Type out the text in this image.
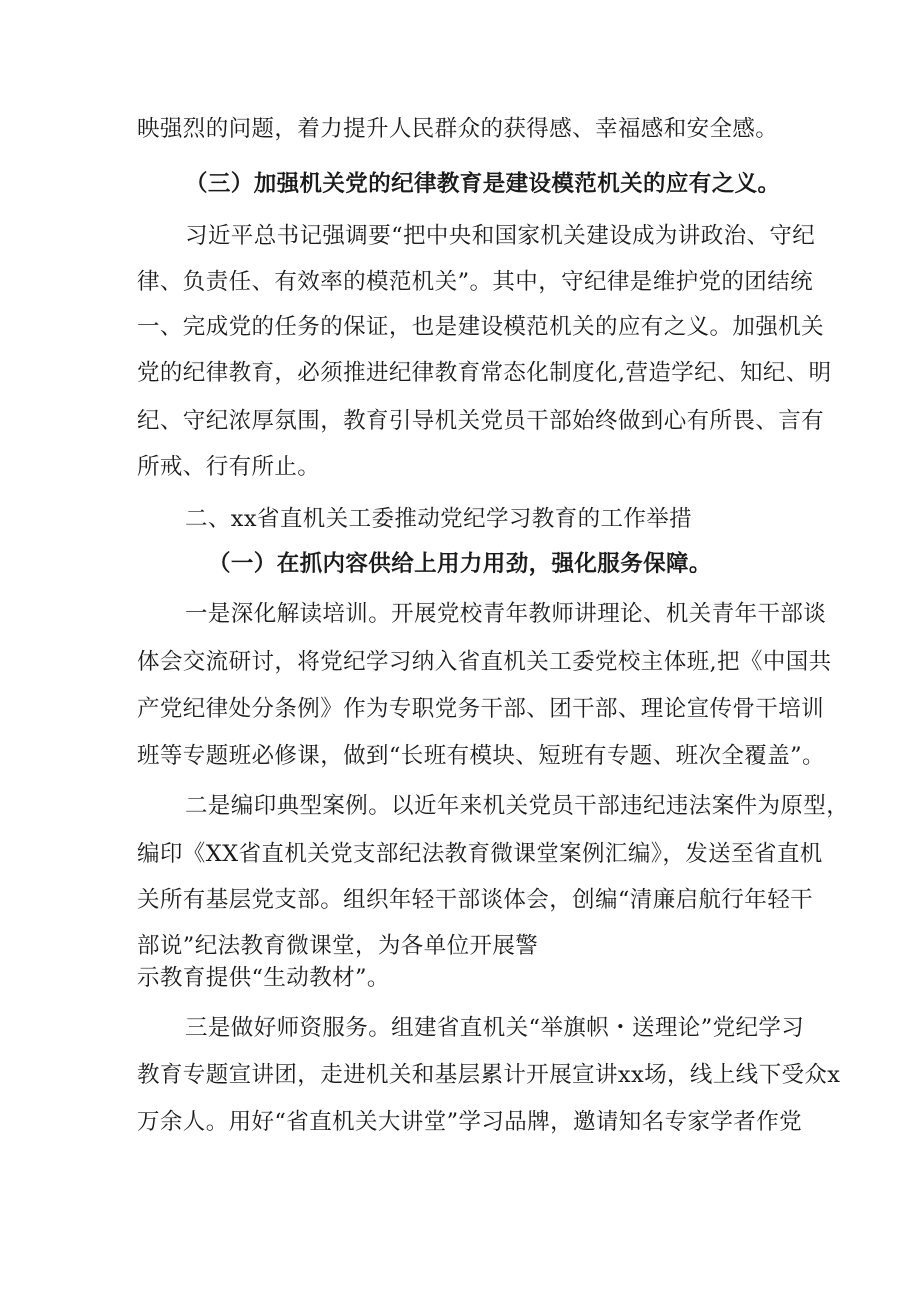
映强烈的问题，着力提升人民群众的获得感、幸福感和安全感。
（三）加强机关党的纪律教育是建设模范机关的应有之义。
习近平总书记强调要“把中央和国家机关建设成为讲政治、守纪
律、负责任、有效率的模范机关”。其中，守纪律是维护党的团结统
一、完成党的任务的保证，也是建设模范机关的应有之义。加强机关
党的纪律教育，必须推进纪律教育常态化制度化,营造学纪、知纪、明
纪、守纪浓厚氛围，教育引导机关党员干部始终做到心有所畏、言有
所戒、行有所止。
二、xx省直机关工委推动党纪学习教育的工作举措
（一）在抓内容供给上用力用劲，强化服务保障。
一是深化解读培训。开展党校青年教师讲理论、机关青年干部谈
体会交流研讨，将党纪学习纳入省直机关工委党校主体班,把《中国共
产党纪律处分条例》作为专职党务干部、团干部、理论宣传骨干培训
班等专题班必修课，做到“长班有模块、短班有专题、班次全覆盖”。
二是编印典型案例。以近年来机关党员干部违纪违法案件为原型，
编印《XX省直机关党支部纪法教育微课堂案例汇编》，发送至省直机
关所有基层党支部。组织年轻干部谈体会，创编“清廉启航行年轻干
部说”纪法教育微课堂，为各单位开展警
示教育提供“生动教材”。
三是做好师资服务。组建省直机关“举旗帜・送理论”党纪学习
教育专题宣讲团，走进机关和基层累计开展宣讲xx场，线上线下受众x
万余人。用好“省直机关大讲堂”学习品牌，邀请知名专家学者作党
